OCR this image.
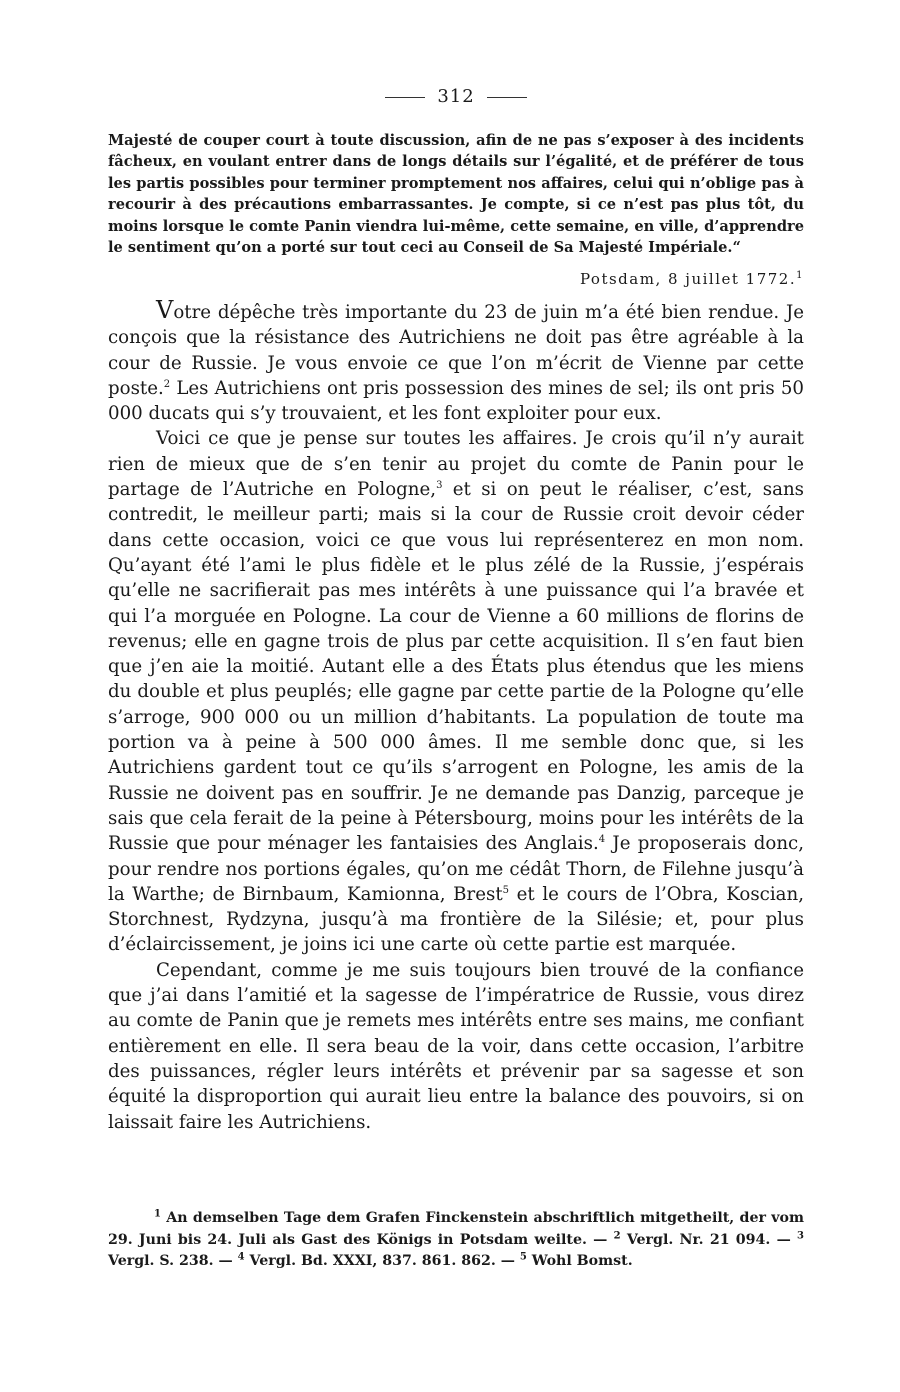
312

Majesté de couper court à toute discussion, afin de ne pas s’exposer à des incidents fâcheux, en voulant entrer dans de longs détails sur l’égalité, et de préférer de tous les partis possibles pour terminer promptement nos affaires, celui qui n’oblige pas à recourir à des précautions embarrassantes. Je compte, si ce n’est pas plus tôt, du moins lorsque le comte Panin viendra lui-même, cette semaine, en ville, d’apprendre le sentiment qu’on a porté sur tout ceci au Conseil de Sa Majesté Impériale.“

Potsdam, 8 juillet 1772.$^1$

Votre dépêche très importante du 23 de juin m’a été bien rendue. Je conçois que la résistance des Autrichiens ne doit pas être agréable à la cour de Russie. Je vous envoie ce que l’on m’écrit de Vienne par cette poste.$^2$ Les Autrichiens ont pris possession des mines de sel; ils ont pris 50 000 ducats qui s’y trouvaient, et les font exploiter pour eux.

Voici ce que je pense sur toutes les affaires. Je crois qu’il n’y aurait rien de mieux que de s’en tenir au projet du comte de Panin pour le partage de l’Autriche en Pologne,$^3$ et si on peut le réaliser, c’est, sans contredit, le meilleur parti; mais si la cour de Russie croit devoir céder dans cette occasion, voici ce que vous lui représenterez en mon nom. Qu’ayant été l’ami le plus fidèle et le plus zélé de la Russie, j’espérais qu’elle ne sacrifierait pas mes intérêts à une puissance qui l’a bravée et qui l’a morguée en Pologne. La cour de Vienne a 60 millions de florins de revenus; elle en gagne trois de plus par cette acquisition. Il s’en faut bien que j’en aie la moitié. Autant elle a des États plus étendus que les miens du double et plus peuplés; elle gagne par cette partie de la Pologne qu’elle s’arroge, 900 000 ou un million d’habitants. La population de toute ma portion va à peine à 500 000 âmes. Il me semble donc que, si les Autrichiens gardent tout ce qu’ils s’arrogent en Pologne, les amis de la Russie ne doivent pas en souffrir. Je ne demande pas Danzig, parceque je sais que cela ferait de la peine à Pétersbourg, moins pour les intérêts de la Russie que pour ménager les fantaisies des Anglais.$^4$ Je proposerais donc, pour rendre nos portions égales, qu’on me cédât Thorn, de Filehne jusqu’à la Warthe; de Birnbaum, Kamionna, Brest$^5$ et le cours de l’Obra, Koscian, Storchnest, Rydzyna, jusqu’à ma frontière de la Silésie; et, pour plus d’éclaircissement, je joins ici une carte où cette partie est marquée.

Cependant, comme je me suis toujours bien trouvé de la confiance que j’ai dans l’amitié et la sagesse de l’impératrice de Russie, vous direz au comte de Panin que je remets mes intérêts entre ses mains, me confiant entièrement en elle. Il sera beau de la voir, dans cette occasion, l’arbitre des puissances, régler leurs intérêts et prévenir par sa sagesse et son équité la disproportion qui aurait lieu entre la balance des pouvoirs, si on laissait faire les Autrichiens.

$^1$ An demselben Tage dem Grafen Finckenstein abschriftlich mitgetheilt, der vom 29. Juni bis 24. Juli als Gast des Königs in Potsdam weilte. — $^2$ Vergl. Nr. 21 094. — $^3$ Vergl. S. 238. — $^4$ Vergl. Bd. XXXI, 837. 861. 862. — $^5$ Wohl Bomst.
